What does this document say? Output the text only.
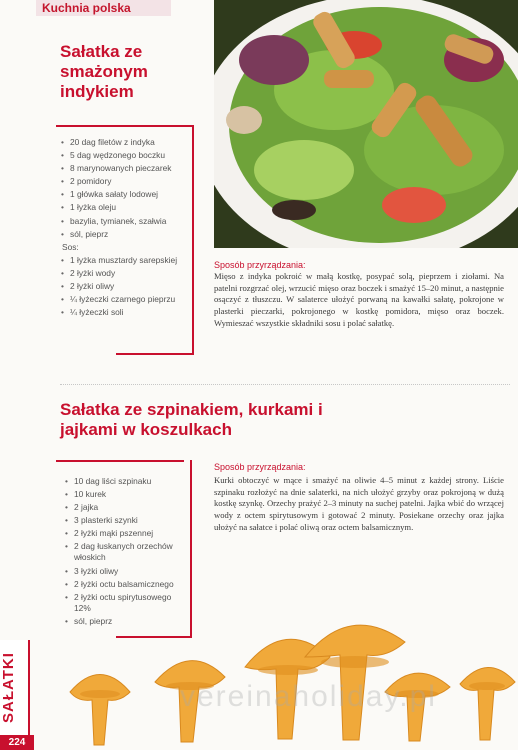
Kuchnia polska
Sałatka ze smażonym indykiem
• 20 dag filetów z indyka
• 5 dag wędzonego boczku
• 8 marynowanych pieczarek
• 2 pomidory
• 1 główka sałaty lodowej
• 1 łyżka oleju
• bazylia, tymianek, szałwia
• sól, pieprz
Sos:
• 1 łyżka musztardy sarepskiej
• 2 łyżki wody
• 2 łyżki oliwy
• ¼ łyżeczki czarnego pieprzu
• ¼ łyżeczki soli
Sposób przyrządzania:
Mięso z indyka pokroić w małą kostkę, posypać solą, pieprzem i ziołami. Na patelni rozgrzać olej, wrzucić mięso oraz boczek i smażyć 15–20 minut, a następnie osączyć z tłuszczu. W salaterce ułożyć porwaną na kawałki sałatę, pokrojone w plasterki pieczarki, pokrojonego w kostkę pomidora, mięso oraz boczek. Wymieszać wszystkie składniki sosu i polać sałatkę.
Sałatka ze szpinakiem, kurkami i jajkami w koszulkach
• 10 dag liści szpinaku
• 10 kurek
• 2 jajka
• 3 plasterki szynki
• 2 łyżki mąki pszennej
• 2 dag łuskanych orzechów włoskich
• 3 łyżki oliwy
• 2 łyżki octu balsamicznego
• 2 łyżki octu spirytusowego 12%
• sól, pieprz
Sposób przyrządzania:
Kurki obtoczyć w mące i smażyć na oliwie 4–5 minut z każdej strony. Liście szpinaku rozłożyć na dnie salaterki, na nich ułożyć grzyby oraz pokrojoną w dużą kostkę szynkę. Orzechy prażyć 2–3 minuty na suchej patelni. Jajka wbić do wrzącej wody z octem spirytusowym i gotować 2 minuty. Posiekane orzechy oraz jajka ułożyć na sałatce i polać oliwą oraz octem balsamicznym.
vereinaholiday.pl
SAŁATKI
224
